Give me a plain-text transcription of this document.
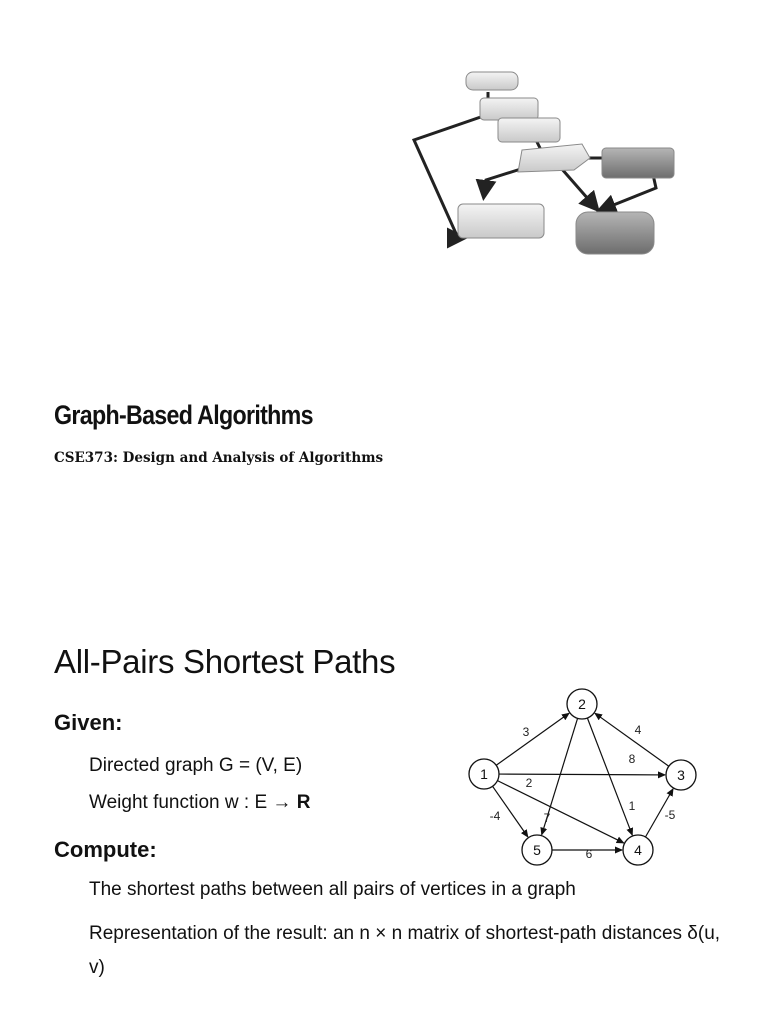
Graph-Based Algorithms

CSE373: Design and Analysis of Algorithms

All-Pairs Shortest Paths
Given:
Directed graph G = (V, E)
Weight function w : E → R
Compute:
The shortest paths between all pairs of vertices in a graph
Representation of the result: an n × n matrix of shortest-path distances δ(u, v)
1
2
3
4
5
3	4
8
2
1
-4	7	-5
6
